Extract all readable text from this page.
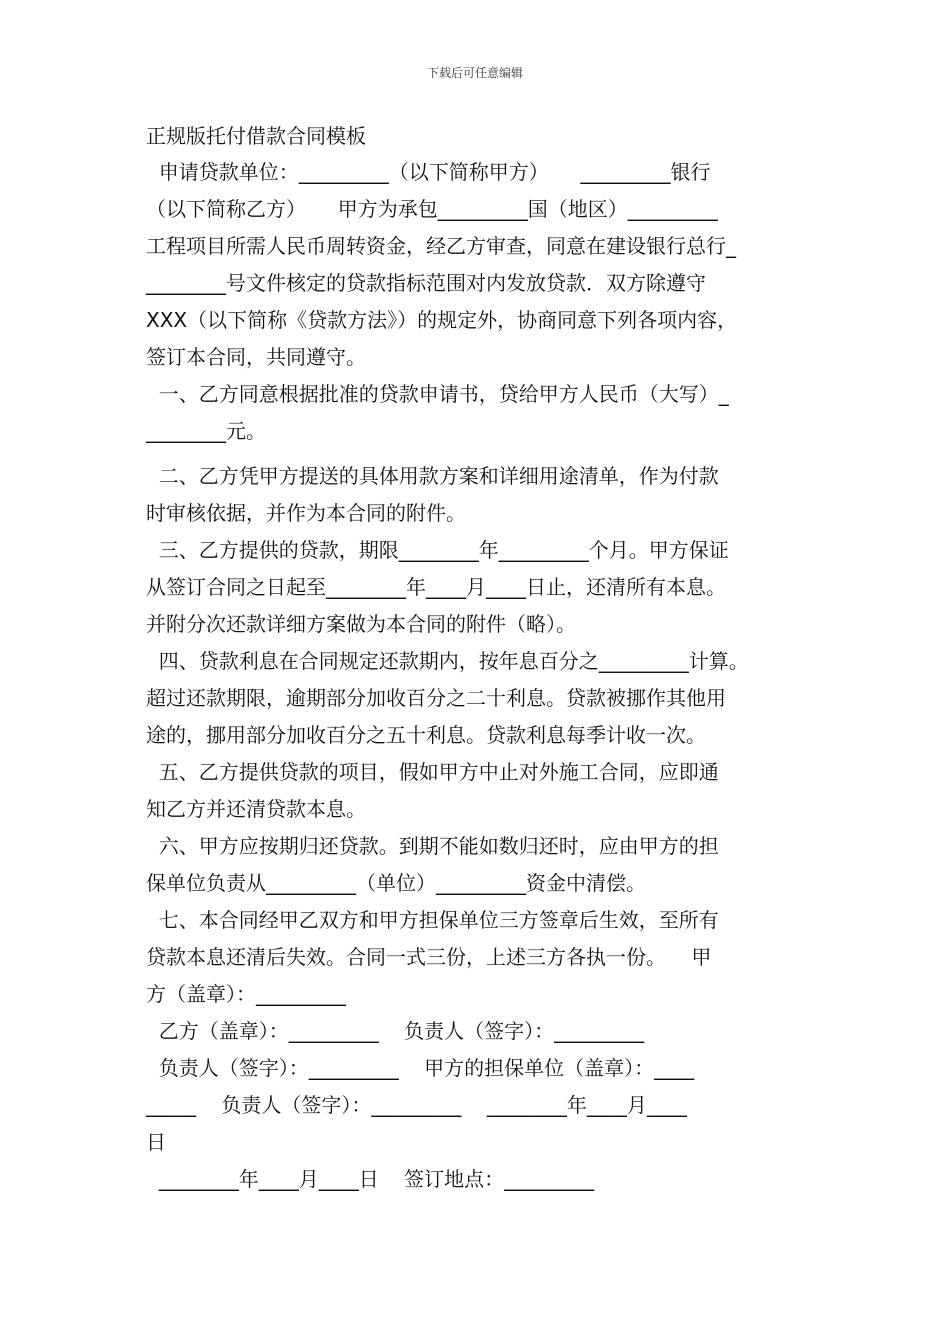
下载后可任意编辑
正规版托付借款合同模板
申请贷款单位：_________（以下简称甲方）     _________银行
（以下简称乙方）     甲方为承包_________国（地区）_________
工程项目所需人民币周转资金，经乙方审查，同意在建设银行总行_
________号文件核定的贷款指标范围对内发放贷款．双方除遵守
XXX（以下简称《贷款方法》）的规定外，协商同意下列各项内容，
签订本合同，共同遵守。
一、乙方同意根据批准的贷款申请书，贷给甲方人民币（大写）_
________元。
二、乙方凭甲方提送的具体用款方案和详细用途清单，作为付款
时审核依据，并作为本合同的附件。
三、乙方提供的贷款，期限________年_________个月。甲方保证
从签订合同之日起至________年____月____日止，还清所有本息。
并附分次还款详细方案做为本合同的附件（略）。
四、贷款利息在合同规定还款期内，按年息百分之_________计算。
超过还款期限，逾期部分加收百分之二十利息。贷款被挪作其他用
途的，挪用部分加收百分之五十利息。贷款利息每季计收一次。
五、乙方提供贷款的项目，假如甲方中止对外施工合同，应即通
知乙方并还清贷款本息。
六、甲方应按期归还贷款。到期不能如数归还时，应由甲方的担
保单位负责从_________（单位）_________资金中清偿。
七、本合同经甲乙双方和甲方担保单位三方签章后生效，至所有
贷款本息还清后失效。合同一式三份，上述三方各执一份。    甲
方（盖章）：_________
乙方（盖章）：_________    负责人（签字）：_________
负责人（签字）：_________    甲方的担保单位（盖章）：____
_____    负责人（签字）：_________    ________年____月____
日
________年____月____日    签订地点：_________
